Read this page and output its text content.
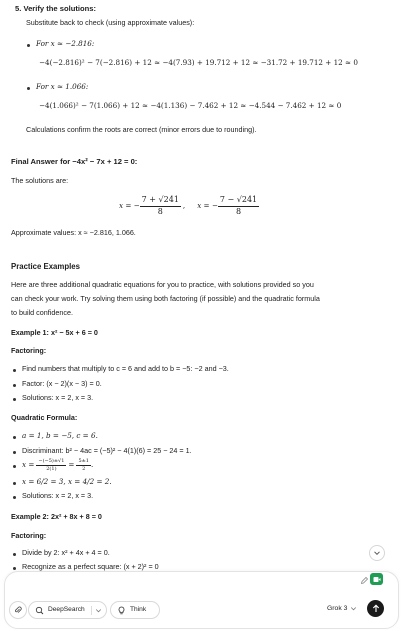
5. Verify the solutions:
Substitute back to check (using approximate values):
For x ≈ −2.816:
−4(−2.816)² − 7(−2.816) + 12 ≈ −4(7.93) + 19.712 + 12 ≈ −31.72 + 19.712 + 12 ≈ 0
For x ≈ 1.066:
−4(1.066)² − 7(1.066) + 12 ≈ −4(1.136) − 7.462 + 12 ≈ −4.544 − 7.462 + 12 ≈ 0
Calculations confirm the roots are correct (minor errors due to rounding).
Final Answer for −4x² − 7x + 12 = 0:
The solutions are:
x = − $\frac{7 + √241}{8}$ , x = − $\frac{7 - √241}{8}$
Approximate values: x ≈ −2.816, 1.066.
Practice Examples
Here are three additional quadratic equations for you to practice, with solutions provided so you
can check your work. Try solving them using both factoring (if possible) and the quadratic formula
to build confidence.
Example 1: x² − 5x + 6 = 0
Factoring:
Find numbers that multiply to c = 6 and add to b = −5: −2 and −3.
Factor: (x − 2)(x − 3) = 0.
Solutions: x = 2, x = 3.
Quadratic Formula:
a = 1, b = −5, c = 6.
Discriminant: b² − 4ac = (−5)² − 4(1)(6) = 25 − 24 = 1.
$x = \frac{-(-5)\pm√1}{2(1)} = \frac{5\pm 1}{2}$ .
x = 6/2 = 3, x = 4/2 = 2.
Solutions: x = 2, x = 3.
Example 2: 2x² + 8x + 8 = 0
Factoring:
Divide by 2: x² + 4x + 4 = 0.
Recognize as a perfect square: (x + 2)² = 0
DeepSearch	Think	Grok 3
